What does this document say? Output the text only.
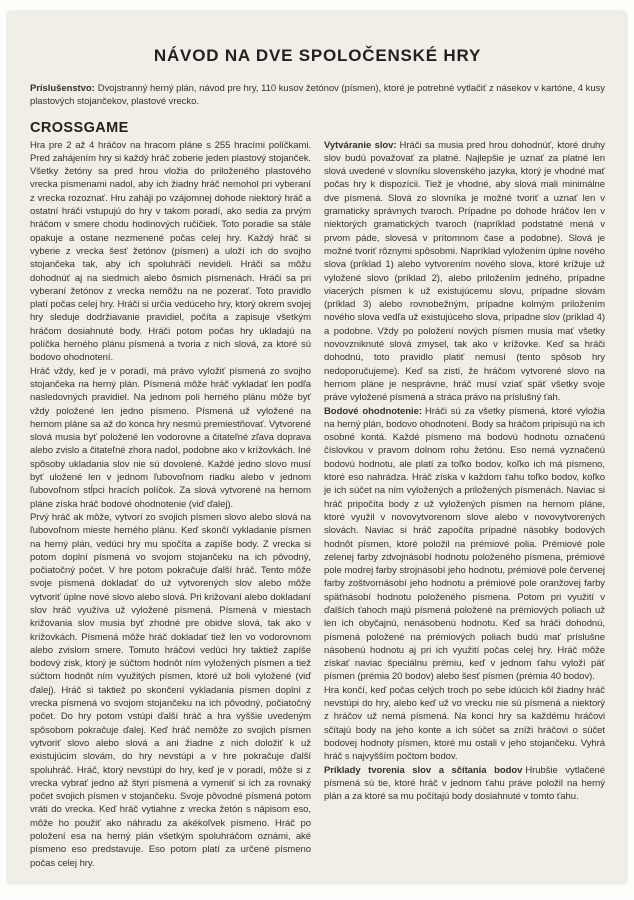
NÁVOD NA DVE SPOLOČENSKÉ HRY

Príslušenstvo: Dvojstranný herný plán, návod pre hry, 110 kusov žetónov (písmen), ktoré je potrebné vytlačiť z násekov v kartóne, 4 kusy plastových stojančekov, plastové vrecko.

CROSSGAME

Hra pre 2 až 4 hráčov na hracom pláne s 255 hracími políčkami. Pred zahájením hry si každý hráč zoberie jeden plastový stojanček. Všetky žetóny sa pred hrou vložia do priloženého plastového vrecka písmenami nadol, aby ich žiadny hráč nemohol pri vyberaní z vrecka rozoznať. Hru zaháji po vzájomnej dohode niektorý hráč a ostatní hráči vstupujú do hry v takom poradí, ako sedia za prvým hráčom v smere chodu hodinových ručičiek. Toto poradie sa stále opakuje a ostane nezmenené počas celej hry. Každý hráč si vyberie z vrecka šesť žetónov (písmen) a uloží ich do svojho stojančeka tak, aby ich spoluhráči nevideli. Hráči sa môžu dohodnúť aj na siedmich alebo ôsmich písmenách. Hráči sa pri vyberaní žetónov z vrecka nemôžu na ne pozerať. Toto pravidlo platí počas celej hry. Hráči si určia vedúceho hry, ktorý okrem svojej hry sleduje dodržiavanie pravidiel, počíta a zapisuje všetkým hráčom dosiahnuté body. Hráči potom počas hry ukladajú na políčka herného plánu písmená a tvoria z nich slová, za ktoré sú bodovo ohodnotení.

Hráč vždy, keď je v poradí, má právo vyložiť písmená zo svojho stojančeka na herný plán. Písmená môže hráč vykladať len podľa nasledovných pravidiel. Na jednom poli herného plánu môže byť vždy položené len jedno písmeno. Písmená už vyložené na hernom pláne sa až do konca hry nesmú premiestňovať. Vytvorené slová musia byť položené len vodorovne a čitateľné zľava doprava alebo zvislo a čitateľné zhora nadol, podobne ako v krížovkách. Iné spôsoby ukladania slov nie sú dovolené. Každé jedno slovo musí byť uložené len v jednom ľubovoľnom riadku alebo v jednom ľubovoľnom stĺpci hracích políčok. Za slová vytvorené na hernom pláne získa hráč bodové ohodnotenie (viď ďalej).

Prvý hráč ak môže, vytvorí zo svojich písmen slovo alebo slová na ľubovoľnom mieste herného plánu. Keď skončí vykladanie písmen na herný plán, vedúci hry mu spočíta a zapíše body. Z vrecka si potom doplní písmená vo svojom stojančeku na ich pôvodný, počiatočný počet. V hre potom pokračuje ďalší hráč. Tento môže svoje písmená dokladať do už vytvorených slov alebo môže vytvoriť úplne nové slovo alebo slová. Pri križovaní alebo dokladaní slov hráč využíva už vyložené písmená. Písmená v miestach križovania slov musia byť zhodné pre obidve slová, tak ako v krížovkách. Písmená môže hráč dokladať tiež len vo vodorovnom alebo zvislom smere. Tomuto hráčovi vedúci hry taktiež zapíše bodový zisk, ktorý je súčtom hodnôt ním vyložených písmen a tiež súčtom hodnôt ním využitých písmen, ktoré už boli vyložené (viď ďalej). Hráč si taktiež po skončení vykladania písmen doplní z vrecka písmená vo svojom stojančeku na ich pôvodný, počiatočný počet. Do hry potom vstúpi ďalší hráč a hra vyššie uvedeným spôsobom pokračuje ďalej. Keď hráč nemôže zo svojich písmen vytvoriť slovo alebo slová a ani žiadne z nich doložiť k už existujúcim slovám, do hry nevstúpi a v hre pokračuje ďalší spoluhráč. Hráč, ktorý nevstúpi do hry, keď je v poradí, môže si z vrecka vybrať jedno až štyri písmená a vymeniť si ich za rovnaký počet svojich písmen v stojančeku. Svoje pôvodné písmená potom vráti do vrecka. Keď hráč vytiahne z vrecka žetón s nápisom eso, môže ho použiť ako náhradu za akékoľvek písmeno. Hráč po položení esa na herný plán všetkým spoluhráčom oznámi, aké písmeno eso predstavuje. Eso potom platí za určené písmeno počas celej hry.

Vytváranie slov: Hráči sa musia pred hrou dohodnúť, ktoré druhy slov budú považovať za platné. Najlepšie je uznať za platné len slová uvedené v slovníku slovenského jazyka, ktorý je vhodné mať počas hry k dispozícii. Tiež je vhodné, aby slová mali minimálne dve písmená. Slová zo slovníka je možné tvoriť a uznať len v gramaticky správnych tvaroch. Prípadne po dohode hráčov len v niektorých gramatických tvaroch (napríklad podstatné mená v prvom páde, slovesá v prítomnom čase a podobne). Slová je možné tvoriť rôznymi spôsobmi. Napríklad vyložením úplne nového slova (príklad 1) alebo vytvorením nového slova, ktoré krížuje už vyložené slovo (príklad 2), alebo priložením jedného, prípadne viacerých písmen k už existujúcemu slovu, prípadne slovám (príklad 3) alebo rovnobežným, prípadne kolmým priložením nového slova vedľa už existujúceho slova, prípadne slov (príklad 4) a podobne. Vždy po položení nových písmen musia mať všetky novovzniknuté slová zmysel, tak ako v krížovke. Keď sa hráči dohodnú, toto pravidlo platiť nemusí (tento spôsob hry nedoporučujeme). Keď sa zistí, že hráčom vytvorené slovo na hernom pláne je nesprávne, hráč musí vziať späť všetky svoje práve vyložené písmená a stráca právo na príslušný ťah.

Bodové ohodnotenie: Hráči sú za všetky písmená, ktoré vyložia na herný plán, bodovo ohodnotení. Body sa hráčom pripisujú na ich osobné kontá. Každé písmeno má bodovú hodnotu označenú číslovkou v pravom dolnom rohu žetónu. Eso nemá vyznačenú bodovú hodnotu, ale platí za toľko bodov, koľko ich má písmeno, ktoré eso nahrádza. Hráč získa v každom ťahu toľko bodov, koľko je ich súčet na ním vyložených a priložených písmenách. Naviac si hráč pripočíta body z už vyložených písmen na hernom pláne, ktoré využil v novovytvorenom slove alebo v novovytvorených slovách. Naviac si hráč započíta prípadné násobky bodových hodnôt písmen, ktoré položil na prémiové polia. Prémiové pole zelenej farby zdvojnásobí hodnotu položeného písmena, prémiové pole modrej farby strojnásobí jeho hodnotu, prémiové pole červenej farby zoštvornásobí jeho hodnotu a prémiové pole oranžovej farby späťnásobí hodnotu položeného písmena. Potom pri využití v ďalších ťahoch majú písmená položené na prémiových poliach už len ich obyčajnú, nenásobenú hodnotu. Keď sa hráči dohodnú, písmená položené na prémiových poliach budú mať príslušne násobenú hodnotu aj pri ich využití počas celej hry. Hráč môže získať naviac špeciálnu prémiu, keď v jednom ťahu vyloží päť písmen (prémia 20 bodov) alebo šesť písmen (prémia 40 bodov).

Hra končí, keď počas celých troch po sebe idúcich kôl žiadny hráč nevstúpi do hry, alebo keď už vo vrecku nie sú písmená a niektorý z hráčov už nemá písmená. Na konci hry sa každému hráčovi sčítajú body na jeho konte a ich súčet sa zníži hráčovi o súčet bodovej hodnoty písmen, ktoré mu ostali v jeho stojančeku. Vyhrá hráč s najvyšším počtom bodov.

Príklady tvorenia slov a sčítania bodov Hrubšie vytlačené písmená sú tie, ktoré hráč v jednom ťahu práve položil na herný plán a za ktoré sa mu počítajú body dosiahnuté v tomto ťahu.
